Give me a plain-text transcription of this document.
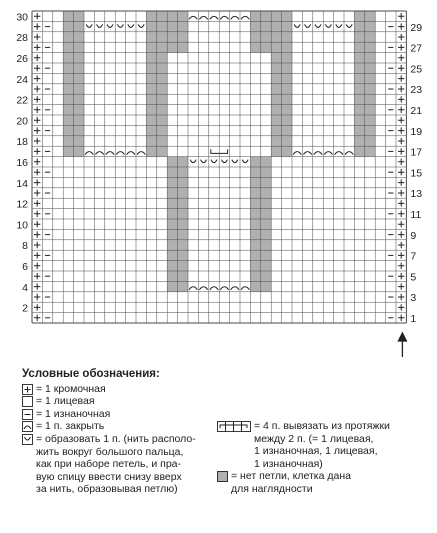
30
28
26
24
22
20
18
16
14
12
10
8
6
4
2
29
27
25
23
21
19
17
15
13
11
9
7
5
3
1
Условные обозначения:
= 1 кромочная
= 1 лицевая
= 1 изнаночная
= 1 п. закрыть
= образовать 1 п. (нить располо-
жить вокруг большого пальца,
как при наборе петель, и пра-
вую спицу ввести снизу вверх
за нить, образовывая петлю)
= 4 п. вывязать из протяжки
между 2 п. (= 1 лицевая,
1 изнаночная, 1 лицевая,
1 изнаночная)
= нет петли, клетка дана
для наглядности
